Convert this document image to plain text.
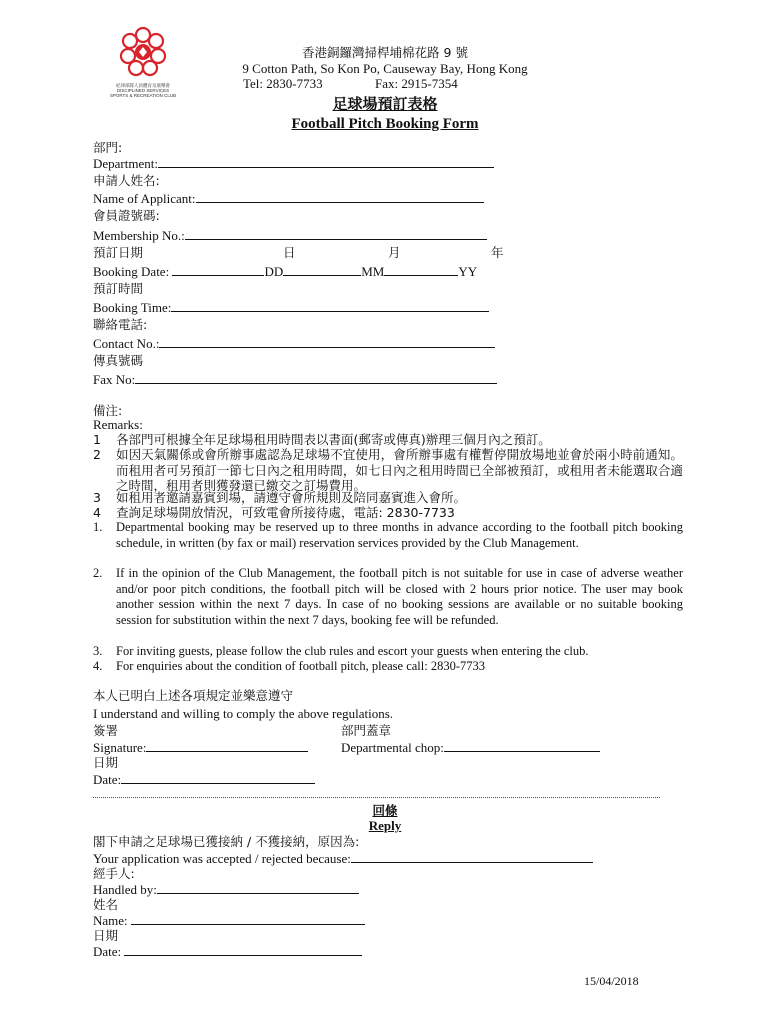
紀律部隊人員體育及康樂會 DISCIPLINED SERVICES SPORTS & RECREATION CLUB
香港銅鑼灣掃桿埔棉花路 9 號
9 Cotton Path, So Kon Po, Causeway Bay, Hong Kong
Tel: 2830-7733	Fax: 2915-7354
足球場預訂表格
Football Pitch Booking Form
部門:
Department:
申請人姓名:
Name of Applicant:
會員證號碼:
Membership No.:
預訂日期	日	月	年
Booking Date:	DD	MM	YY
預訂時間
Booking Time:
聯絡電話:
Contact No.:
傳真號碼
Fax No:
備注:
Remarks:
1 各部門可根據全年足球場租用時間表以書面(郵寄或傳真)辦理三個月內之預訂。
2 如因天氣關係或會所辦事處認為足球場不宜使用，會所辦事處有權暫停開放場地並會於兩小時前通知。而租用者可另預訂一節七日內之租用時間，如七日內之租用時間已全部被預訂，或租用者未能選取合適之時間，租用者則獲發還已繳交之訂場費用。
3 如租用者邀請嘉賓到場，請遵守會所規則及陪同嘉賓進入會所。
4 查詢足球場開放情況，可致電會所接待處，電話: 2830-7733
1. Departmental booking may be reserved up to three months in advance according to the football pitch booking schedule, in written (by fax or mail) reservation services provided by the Club Management.
2. If in the opinion of the Club Management, the football pitch is not suitable for use in case of adverse weather and/or poor pitch conditions, the football pitch will be closed with 2 hours prior notice. The user may book another session within the next 7 days. In case of no booking sessions are available or no suitable booking session for substitution within the next 7 days, booking fee will be refunded.
3. For inviting guests, please follow the club rules and escort your guests when entering the club.
4. For enquiries about the condition of football pitch, please call: 2830-7733
本人已明白上述各項規定並樂意遵守
I understand and willing to comply the above regulations.
簽署	部門蓋章
Signature:	Departmental chop:
日期
Date:
回條
Reply
閣下申請之足球場已獲接納 / 不獲接納，原因為:
Your application was accepted / rejected because:
經手人:
Handled by:
姓名
Name:
日期
Date:
15/04/2018
